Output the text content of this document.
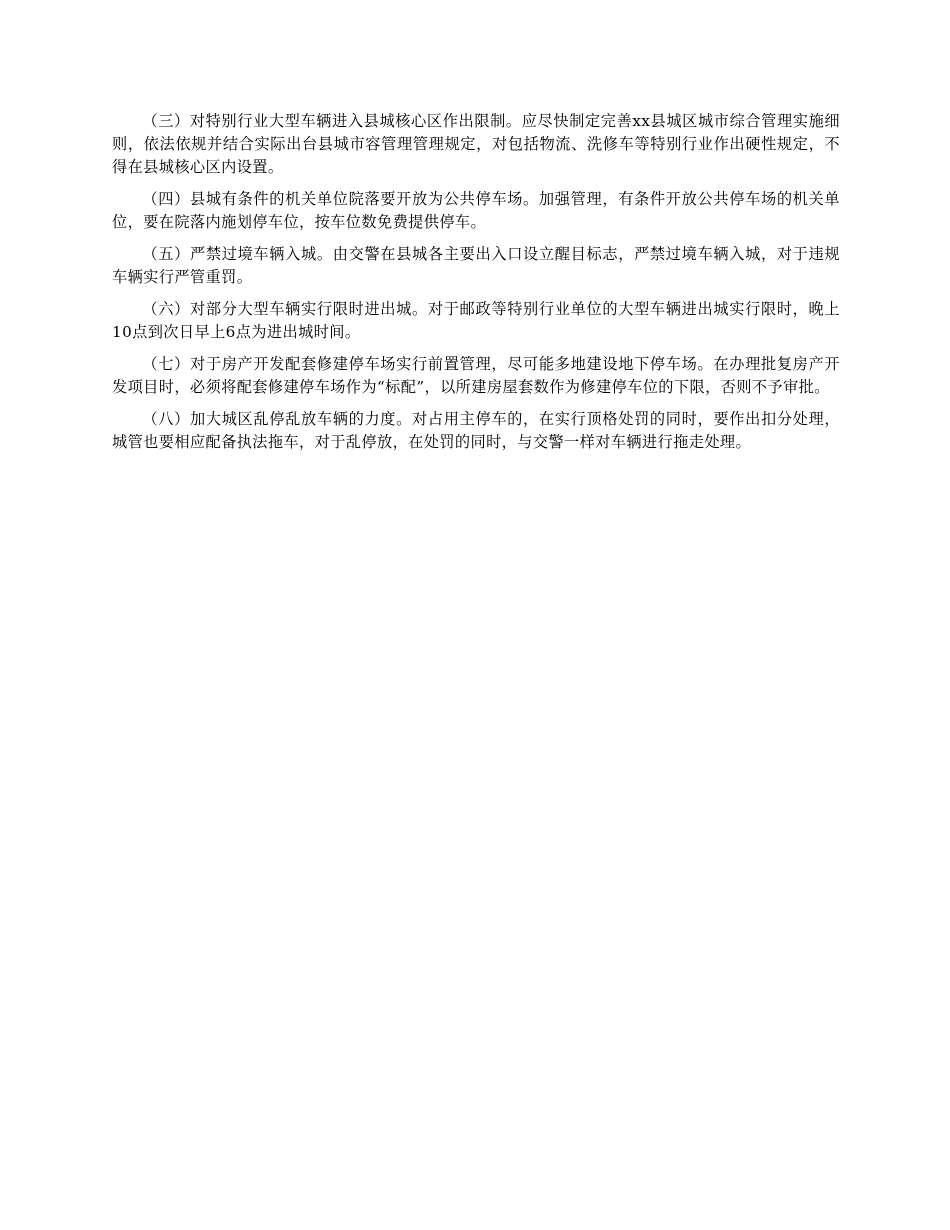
（三）对特别行业大型车辆进入县城核心区作出限制。应尽快制定完善xx县城区城市综合管理实施细则，依法依规并结合实际出台县城市容管理管理规定，对包括物流、洗修车等特别行业作出硬性规定，不得在县城核心区内设置。

（四）县城有条件的机关单位院落要开放为公共停车场。加强管理，有条件开放公共停车场的机关单位，要在院落内施划停车位，按车位数免费提供停车。

（五）严禁过境车辆入城。由交警在县城各主要出入口设立醒目标志，严禁过境车辆入城，对于违规车辆实行严管重罚。

（六）对部分大型车辆实行限时进出城。对于邮政等特别行业单位的大型车辆进出城实行限时，晚上10点到次日早上6点为进出城时间。

（七）对于房产开发配套修建停车场实行前置管理，尽可能多地建设地下停车场。在办理批复房产开发项目时，必须将配套修建停车场作为“标配”，以所建房屋套数作为修建停车位的下限，否则不予审批。

（八）加大城区乱停乱放车辆的力度。对占用主停车的，在实行顶格处罚的同时，要作出扣分处理，城管也要相应配备执法拖车，对于乱停放，在处罚的同时，与交警一样对车辆进行拖走处理。
